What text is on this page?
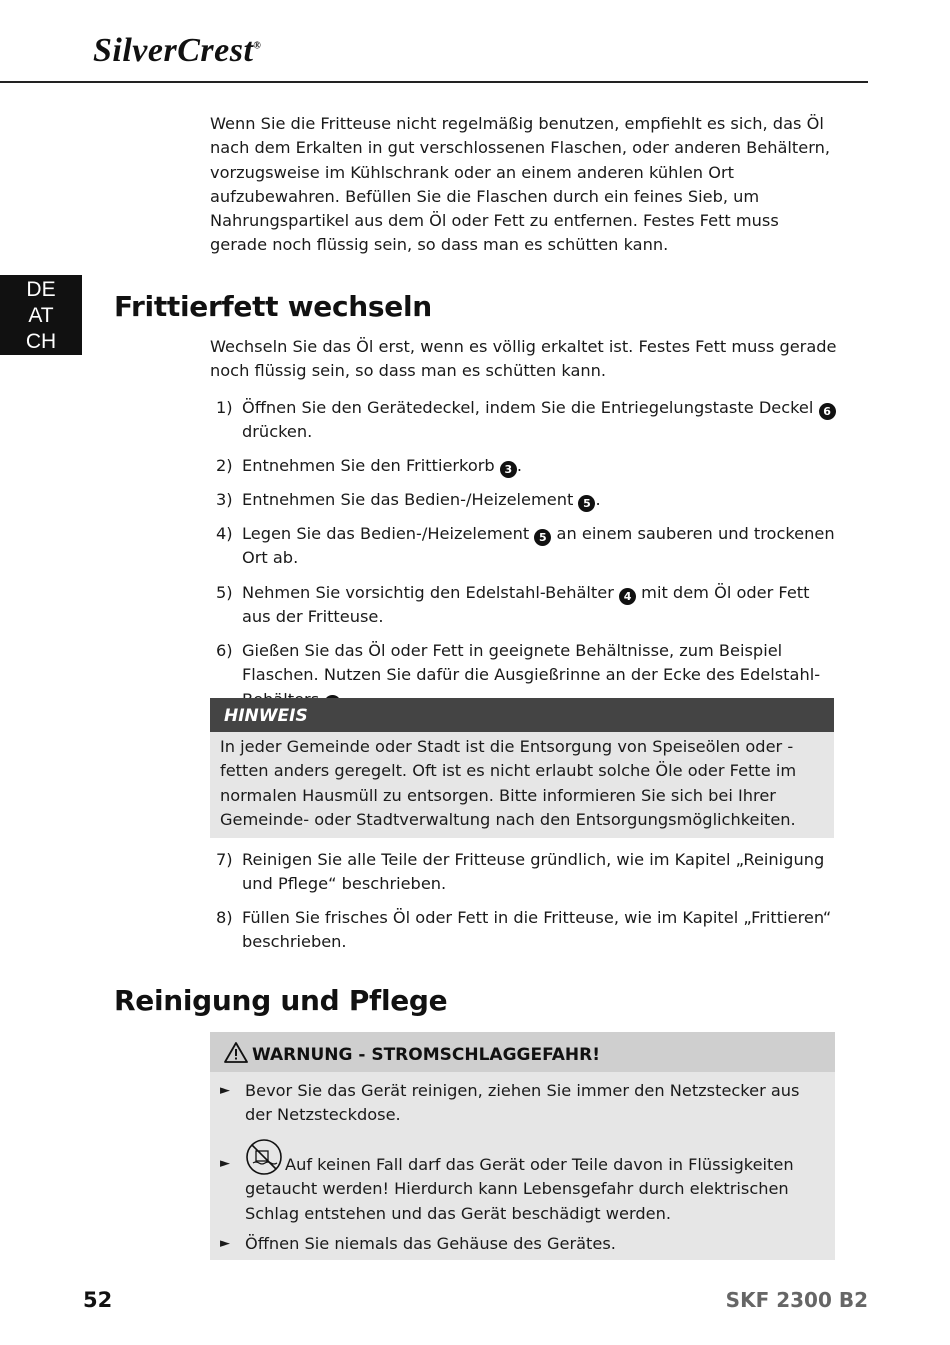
SilverCrest®
DE
AT
CH

Wenn Sie die Fritteuse nicht regelmäßig benutzen, empfiehlt es sich, das Öl nach dem Erkalten in gut verschlossenen Flaschen, oder anderen Behältern, vorzugsweise im Kühlschrank oder an einem anderen kühlen Ort aufzubewahren. Befüllen Sie die Flaschen durch ein feines Sieb, um Nahrungspartikel aus dem Öl oder Fett zu entfernen. Festes Fett muss gerade noch flüssig sein, so dass man es schütten kann.

Frittierfett wechseln

Wechseln Sie das Öl erst, wenn es völlig erkaltet ist. Festes Fett muss gerade noch flüssig sein, so dass man es schütten kann.

1) Öffnen Sie den Gerätedeckel, indem Sie die Entriegelungstaste Deckel 6 drücken.
2) Entnehmen Sie den Frittierkorb 3 .
3) Entnehmen Sie das Bedien-/Heizelement 5 .
4) Legen Sie das Bedien-/Heizelement 5 an einem sauberen und trockenen Ort ab.
5) Nehmen Sie vorsichtig den Edelstahl-Behälter 4 mit dem Öl oder Fett aus der Fritteuse.
6) Gießen Sie das Öl oder Fett in geeignete Behältnisse, zum Beispiel Flaschen. Nutzen Sie dafür die Ausgießrinne an der Ecke des Edelstahl-
HINWEIS

In jeder Gemeinde oder Stadt ist die Entsorgung von Speiseölen oder -fetten anders geregelt. Oft ist es nicht erlaubt solche Öle oder Fette im normalen Hausmüll zu entsorgen. Bitte informieren Sie sich bei Ihrer Gemeinde- oder Stadtverwaltung nach den Entsorgungsmöglichkeiten.

7) Reinigen Sie alle Teile der Fritteuse gründlich, wie im Kapitel „Reinigung und Pflege“ beschrieben.
8) Füllen Sie frisches Öl oder Fett in die Fritteuse, wie im Kapitel „Frittieren“ beschrieben.
Reinigung und Pflege
WARNUNG - STROMSCHLAGGEFAHR!
► Bevor Sie das Gerät reinigen, ziehen Sie immer den Netzstecker aus der Netzsteckdose.
►	Auf keinen Fall darf das Gerät oder Teile davon in Flüssigkeiten getaucht werden! Hierdurch kann Lebensgefahr durch elektrischen Schlag entstehen und das Gerät beschädigt werden.
► Öffnen Sie niemals das Gehäuse des Gerätes.
52	SKF 2300 B2
